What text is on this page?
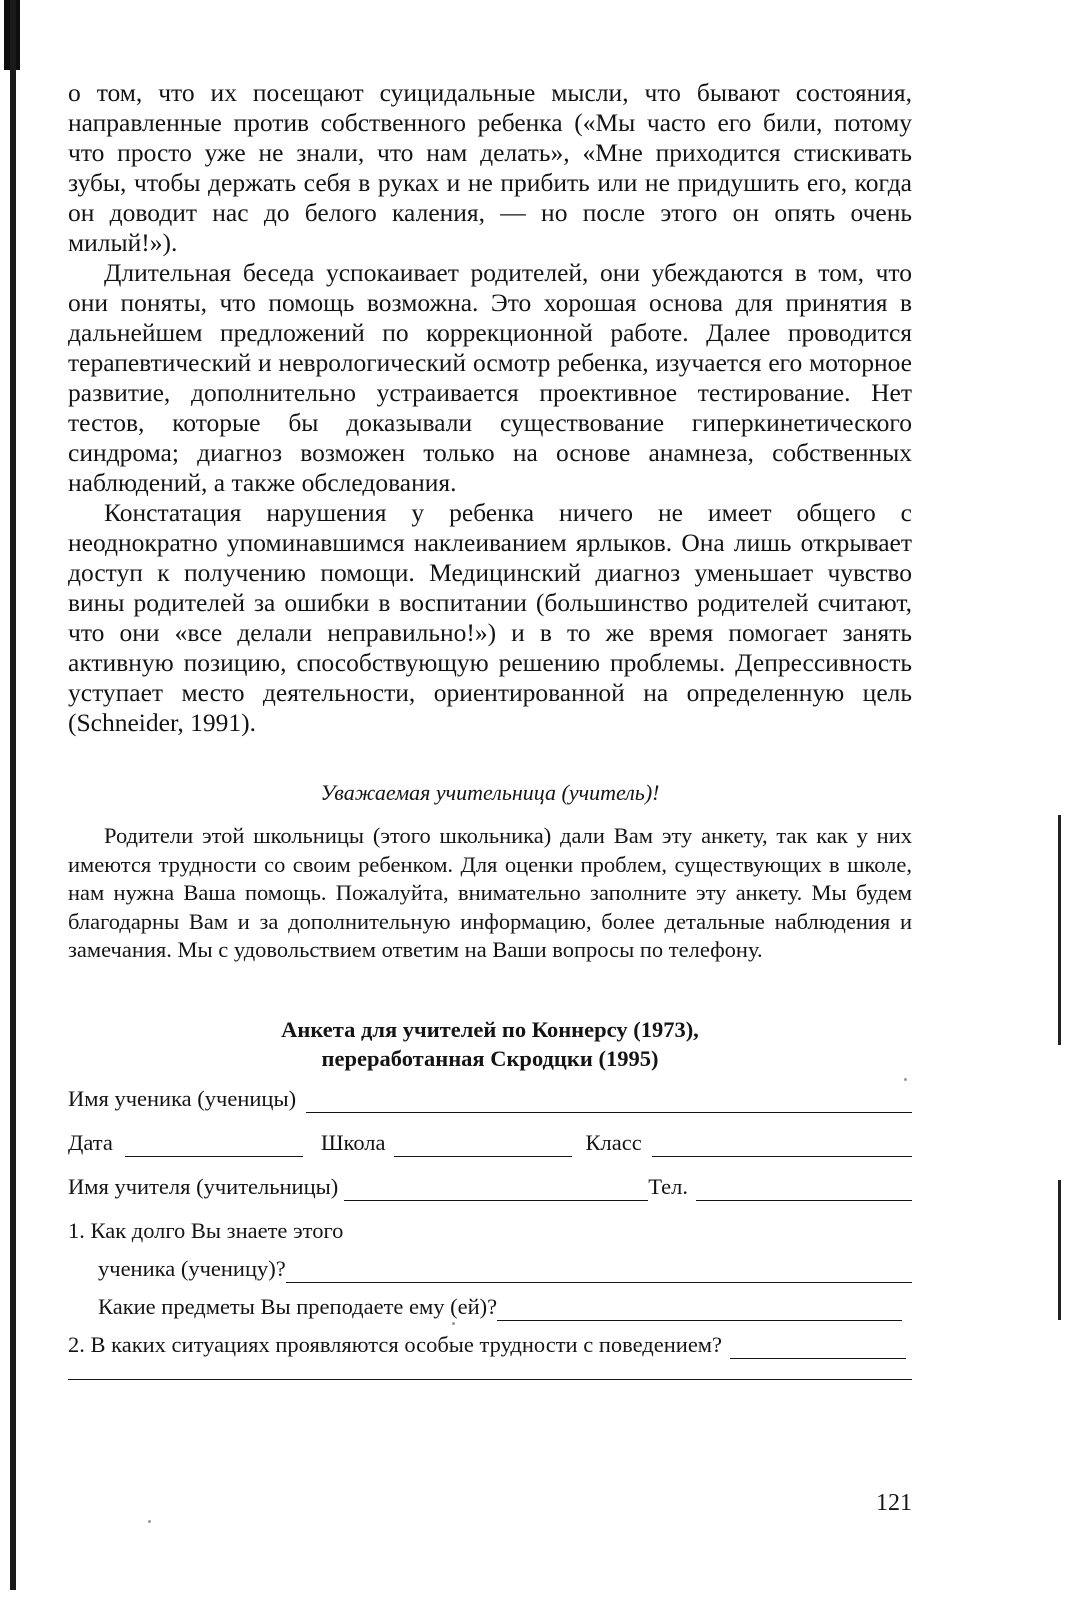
о том, что их посещают суицидальные мысли, что бывают состояния, направленные против собственного ребенка («Мы часто его били, потому что просто уже не знали, что нам делать», «Мне приходится стискивать зубы, чтобы держать себя в руках и не прибить или не придушить его, когда он доводит нас до белого каления, — но после этого он опять очень милый!»).

Длительная беседа успокаивает родителей, они убеждаются в том, что они поняты, что помощь возможна. Это хорошая основа для принятия в дальнейшем предложений по коррекционной работе. Далее проводится терапевтический и неврологический осмотр ребенка, изучается его моторное развитие, дополнительно устраивается проективное тестирование. Нет тестов, которые бы доказывали существование гиперкинетического синдрома; диагноз возможен только на основе анамнеза, собственных наблюдений, а также обследования.

Констатация нарушения у ребенка ничего не имеет общего с неоднократно упоминавшимся наклеиванием ярлыков. Она лишь открывает доступ к получению помощи. Медицинский диагноз уменьшает чувство вины родителей за ошибки в воспитании (большинство родителей считают, что они «все делали неправильно!») и в то же время помогает занять активную позицию, способствующую решению проблемы. Депрессивность уступает место деятельности, ориентированной на определенную цель (Schneider, 1991).

Уважаемая учительница (учитель)!

Родители этой школьницы (этого школьника) дали Вам эту анкету, так как у них имеются трудности со своим ребенком. Для оценки проблем, существующих в школе, нам нужна Ваша помощь. Пожалуйта, внимательно заполните эту анкету. Мы будем благодарны Вам и за дополнительную информацию, более детальные наблюдения и замечания. Мы с удовольствием ответим на Ваши вопросы по телефону.

Анкета для учителей по Коннерсу (1973),
переработанная Скродцки (1995)
Имя ученика (ученицы)
Дата	Школа	Класс
Имя учителя (учительницы)	Тел.
1. Как долго Вы знаете этого
ученика (ученицу)?
Какие предметы Вы преподаете ему (ей)?
2. В каких ситуациях проявляются особые трудности с поведением?
121
